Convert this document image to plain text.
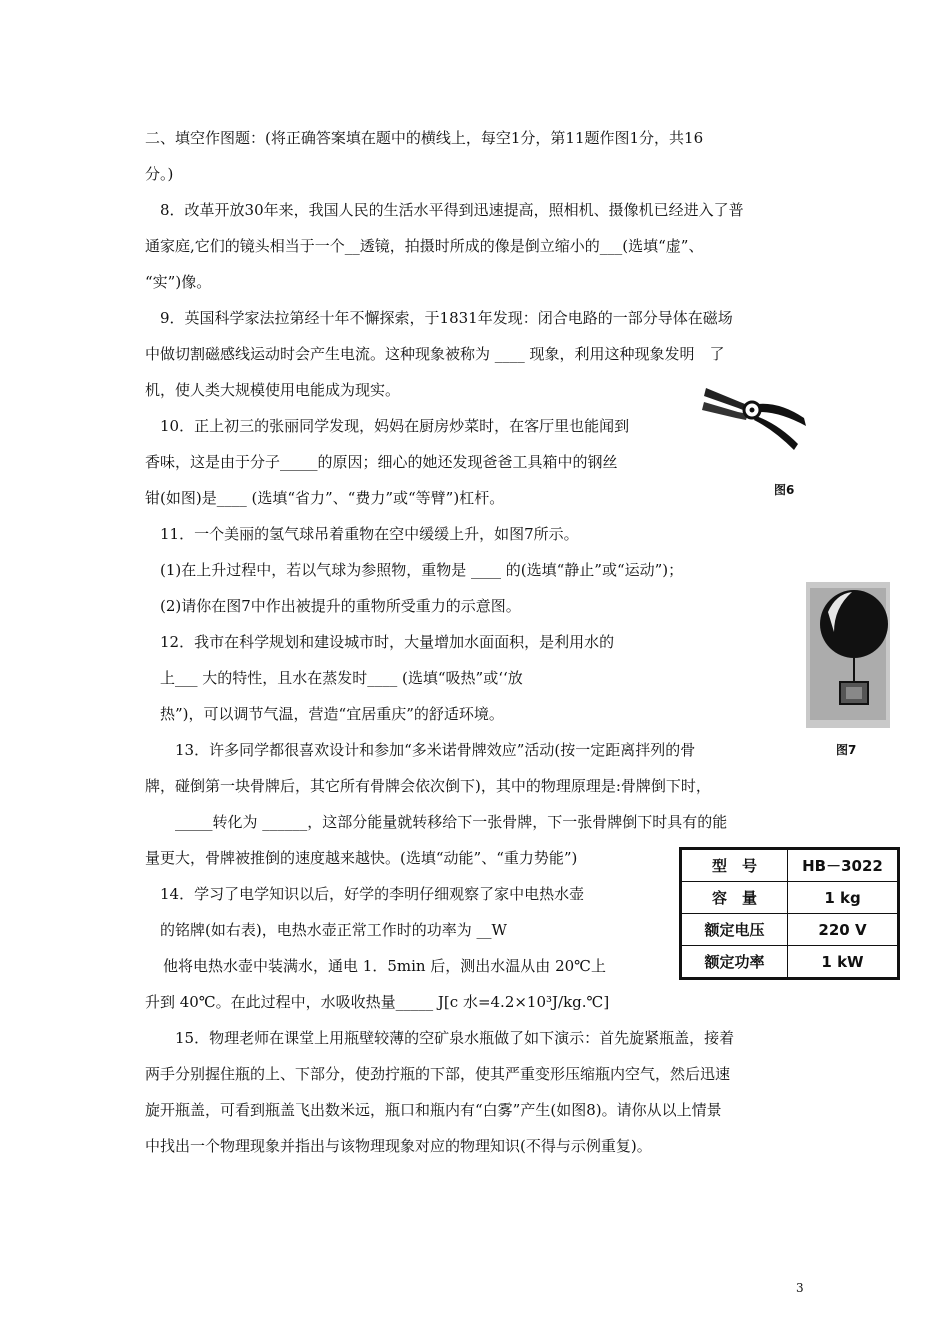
二、填空作图题：(将正确答案填在题中的横线上，每空1分，第11题作图1分，共16
分。)
8．改革开放30年来，我国人民的生活水平得到迅速提高，照相机、摄像机已经进入了普
通家庭,它们的镜头相当于一个__透镜，拍摄时所成的像是倒立缩小的___(选填“虚”、
“实”)像。
9．英国科学家法拉第经十年不懈探索，于1831年发现：闭合电路的一部分导体在磁场
中做切割磁感线运动时会产生电流。这种现象被称为 ____ 现象，利用这种现象发明　了
机，使人类大规模使用电能成为现实。
10．正上初三的张丽同学发现，妈妈在厨房炒菜时，在客厅里也能闻到
香味，这是由于分子_____的原因；细心的她还发现爸爸工具箱中的钢丝
钳(如图)是____ (选填“省力”、“费力”或“等臂”)杠杆。	图6
11．一个美丽的氢气球吊着重物在空中缓缓上升，如图7所示。
(1)在上升过程中，若以气球为参照物，重物是 ____ 的(选填“静止”或“运动”)；
(2)请你在图7中作出被提升的重物所受重力的示意图。
图7
12．我市在科学规划和建设城市时，大量增加水面面积，是利用水的
上___ 大的特性，且水在蒸发时____ (选填“吸热”或‘‘放
热”)，可以调节气温，营造“宜居重庆”的舒适环境。
13．许多同学都很喜欢设计和参加“多米诺骨牌效应”活动(按一定距离拌列的骨
牌，碰倒第一块骨牌后，其它所有骨牌会依次倒下)，其中的物理原理是:骨牌倒下时，
_____转化为 ______，这部分能量就转移给下一张骨牌，下一张骨牌倒下时具有的能
量更大，骨牌被推倒的速度越来越快。(选填“动能”、“重力势能”)
14．学习了电学知识以后，好学的李明仔细观察了家中电热水壶
的铭牌(如右表)，电热水壶正常工作时的功率为 __W
他将电热水壶中装满水，通电 1．5min 后，测出水温从由 20℃上
升到 40℃。在此过程中，水吸收热量_____ J[c 水=4.2×10³J/kg.℃]
型　号	HB－3022
容　量	1 kg
额定电压	220 V
额定功率	1 kW
15．物理老师在课堂上用瓶壁较薄的空矿泉水瓶做了如下演示：首先旋紧瓶盖，接着
两手分别握住瓶的上、下部分，使劲拧瓶的下部，使其严重变形压缩瓶内空气，然后迅速
旋开瓶盖，可看到瓶盖飞出数米远，瓶口和瓶内有“白雾”产生(如图8)。请你从以上情景
中找出一个物理现象并指出与该物理现象对应的物理知识(不得与示例重复)。
3
